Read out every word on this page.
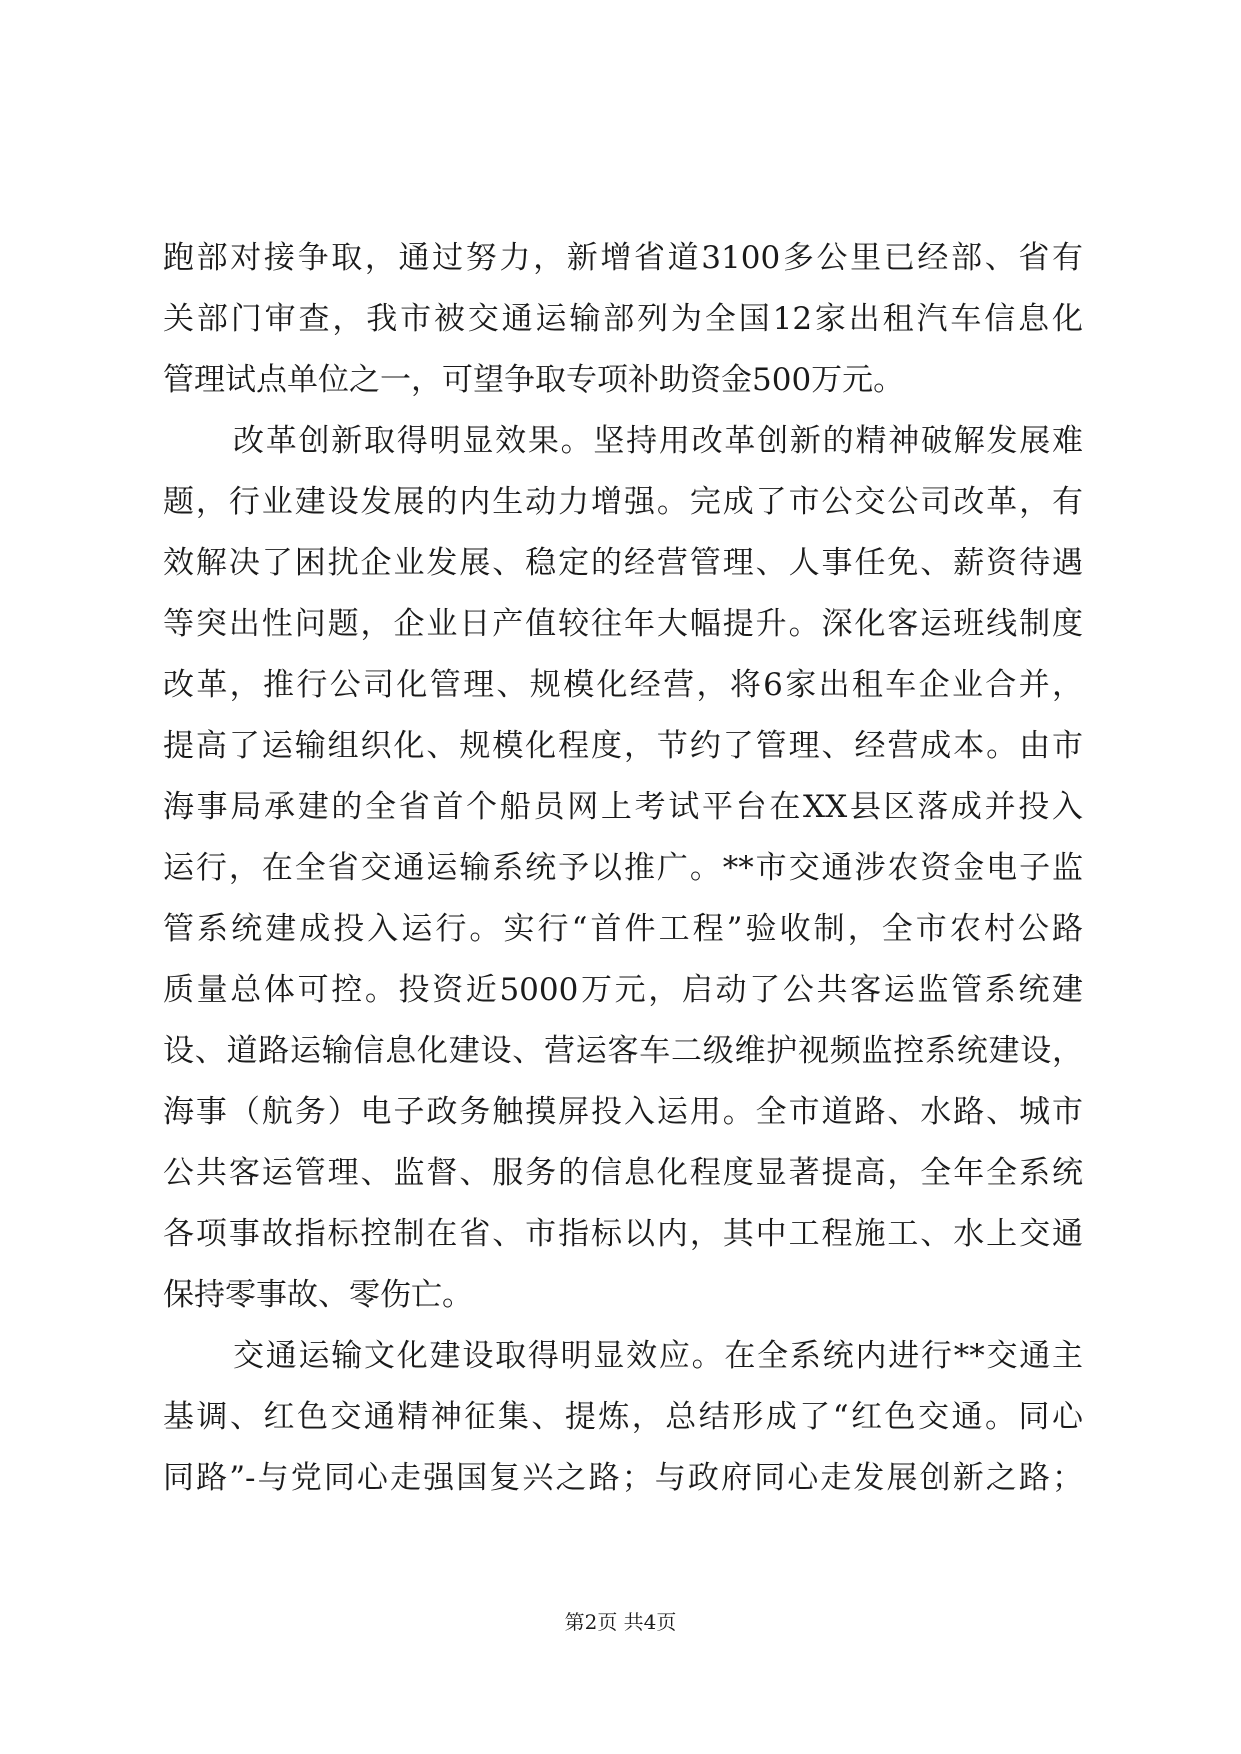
跑部对接争取，通过努力，新增省道3100多公里已经部、省有
关部门审查，我市被交通运输部列为全国12家出租汽车信息化
管理试点单位之一，可望争取专项补助资金500万元。
改革创新取得明显效果。坚持用改革创新的精神破解发展难
题，行业建设发展的内生动力增强。完成了市公交公司改革，有
效解决了困扰企业发展、稳定的经营管理、人事任免、薪资待遇
等突出性问题，企业日产值较往年大幅提升。深化客运班线制度
改革，推行公司化管理、规模化经营，将6家出租车企业合并，
提高了运输组织化、规模化程度，节约了管理、经营成本。由市
海事局承建的全省首个船员网上考试平台在XX县区落成并投入
运行，在全省交通运输系统予以推广。**市交通涉农资金电子监
管系统建成投入运行。实行“首件工程”验收制，全市农村公路
质量总体可控。投资近5000万元，启动了公共客运监管系统建
设、道路运输信息化建设、营运客车二级维护视频监控系统建设，
海事（航务）电子政务触摸屏投入运用。全市道路、水路、城市
公共客运管理、监督、服务的信息化程度显著提高，全年全系统
各项事故指标控制在省、市指标以内，其中工程施工、水上交通
保持零事故、零伤亡。
交通运输文化建设取得明显效应。在全系统内进行**交通主
基调、红色交通精神征集、提炼，总结形成了“红色交通。同心
同路”-与党同心走强国复兴之路；与政府同心走发展创新之路；
第2页 共4页
